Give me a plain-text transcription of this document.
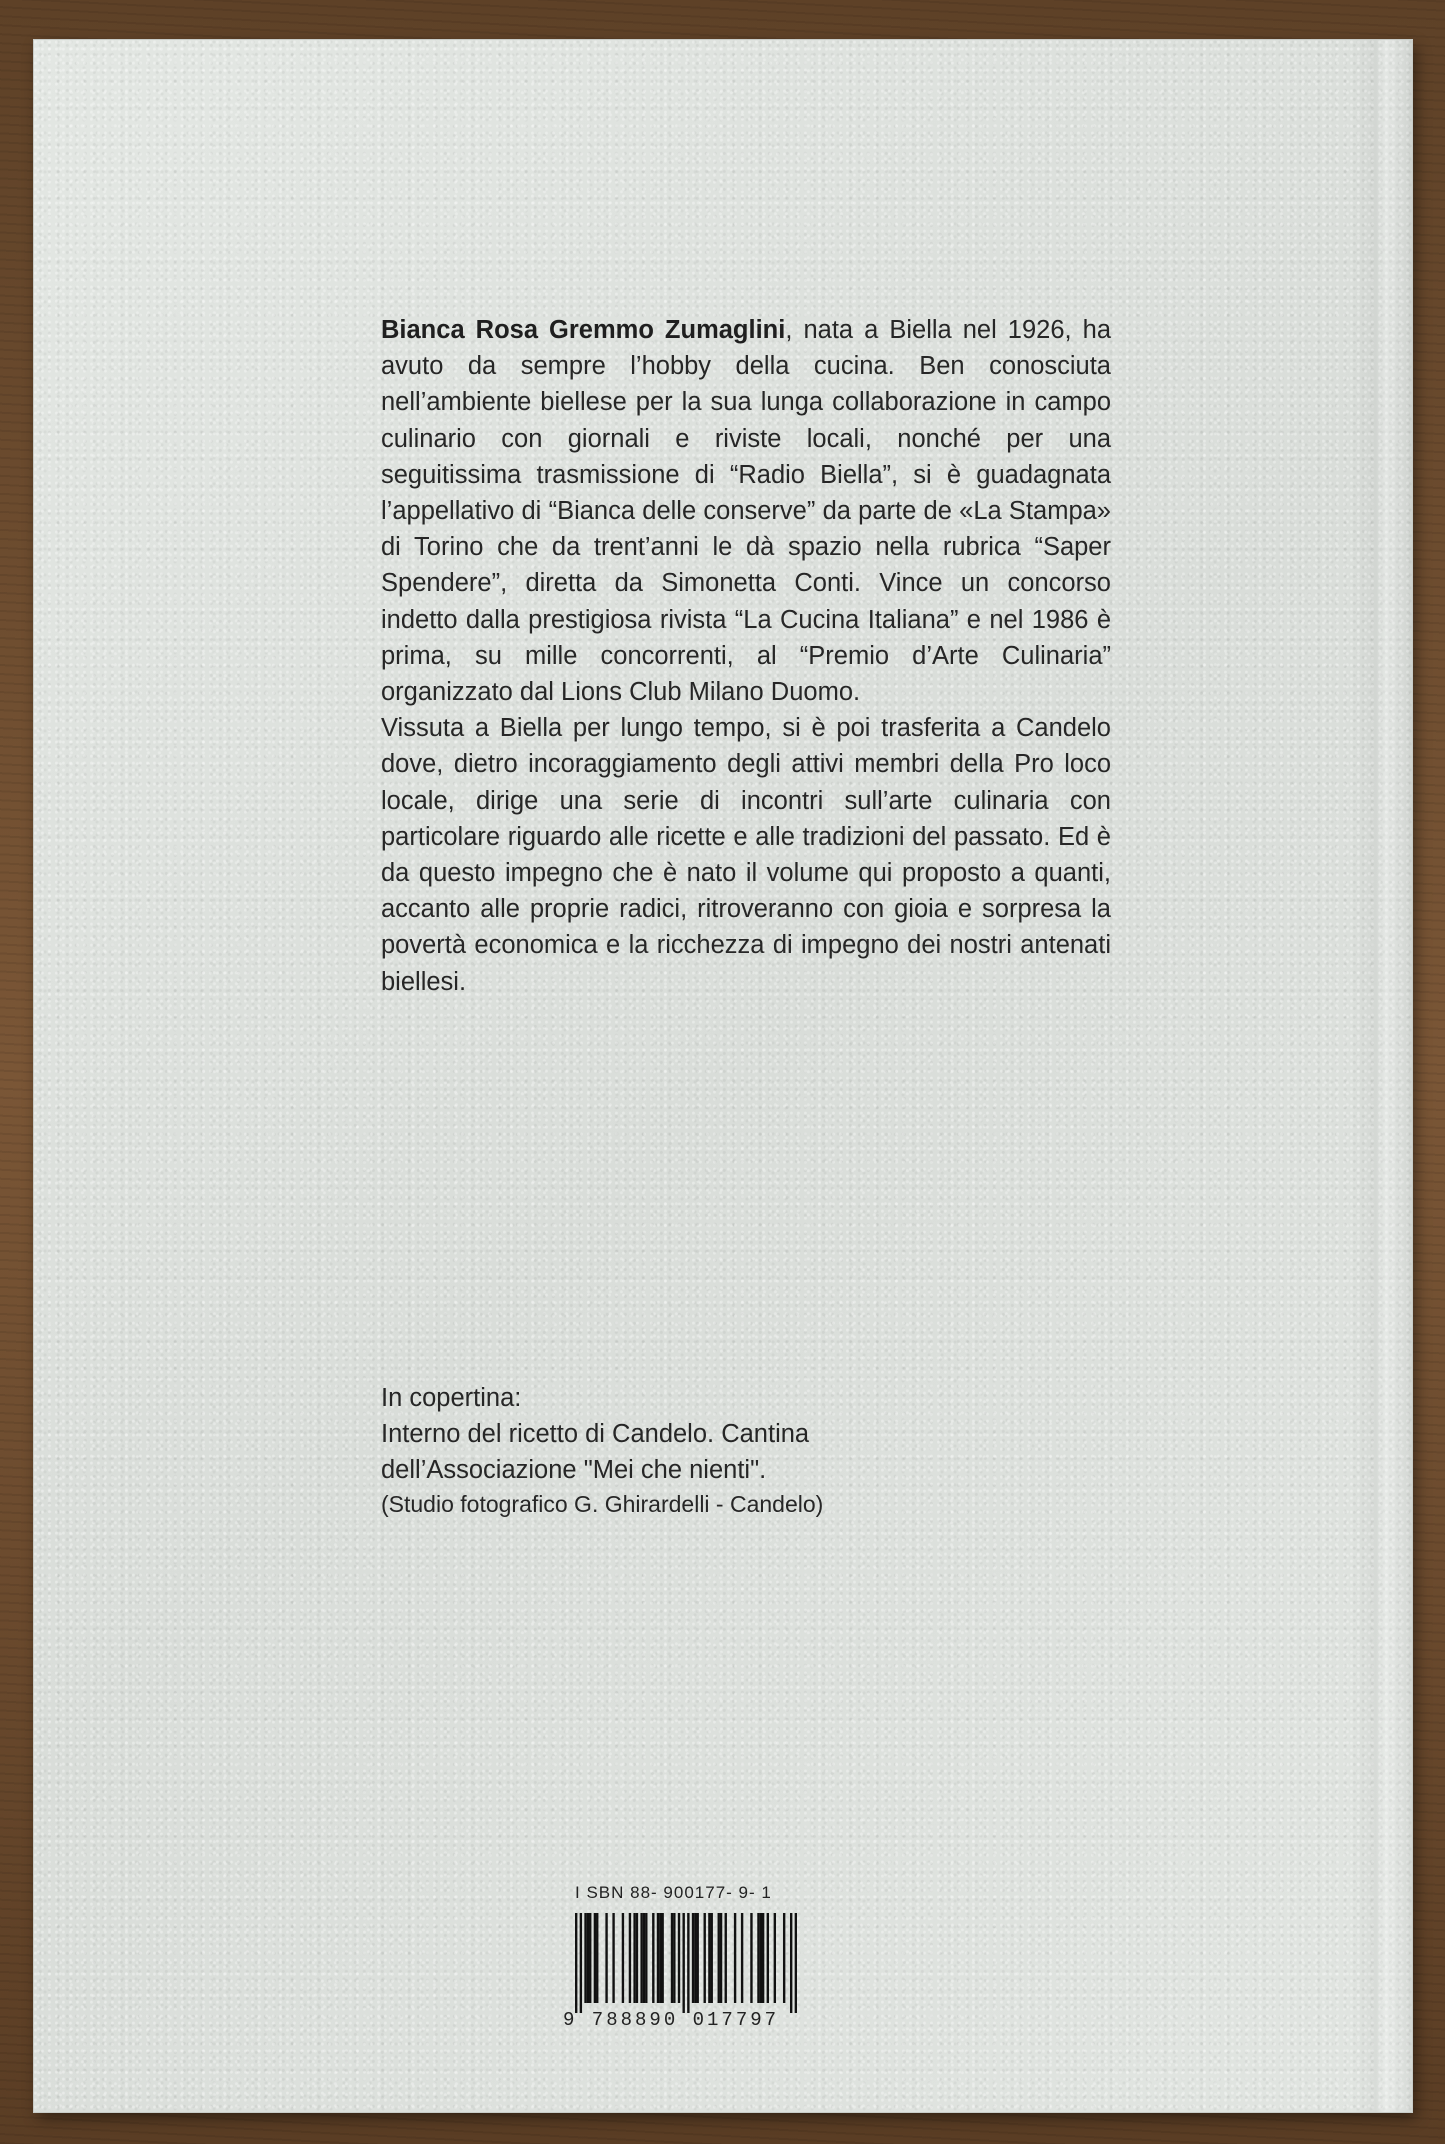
Bianca Rosa Gremmo Zumaglini, nata a Biella nel 1926, ha avuto da sempre l’hobby della cucina. Ben conosciuta nell’ambiente biellese per la sua lunga collaborazione in campo culinario con giornali e riviste locali, nonché per una seguitissima trasmissione di “Radio Biella”, si è guadagnata l’appellativo di “Bianca delle conserve” da parte de «La Stampa» di Torino che da trent’anni le dà spazio nella rubrica “Saper Spendere”, diretta da Simonetta Conti. Vince un concorso indetto dalla prestigiosa rivista “La Cucina Italiana” e nel 1986 è prima, su mille concorrenti, al “Premio d’Arte Culinaria” organizzato dal Lions Club Milano Duomo.

Vissuta a Biella per lungo tempo, si è poi trasferita a Candelo dove, dietro incoraggiamento degli attivi membri della Pro loco locale, dirige una serie di incontri sull’arte culinaria con particolare riguardo alle ricette e alle tradizioni del passato. Ed è da questo impegno che è nato il volume qui proposto a quanti, accanto alle proprie radici, ritroveranno con gioia e sorpresa la povertà economica e la ricchezza di impegno dei nostri antenati biellesi.

In copertina:
Interno del ricetto di Candelo. Cantina
dell’Associazione "Mei che nienti".
(Studio fotografico G. Ghirardelli - Candelo)
I SBN 88- 900177- 9- 1
9 788890 017797
